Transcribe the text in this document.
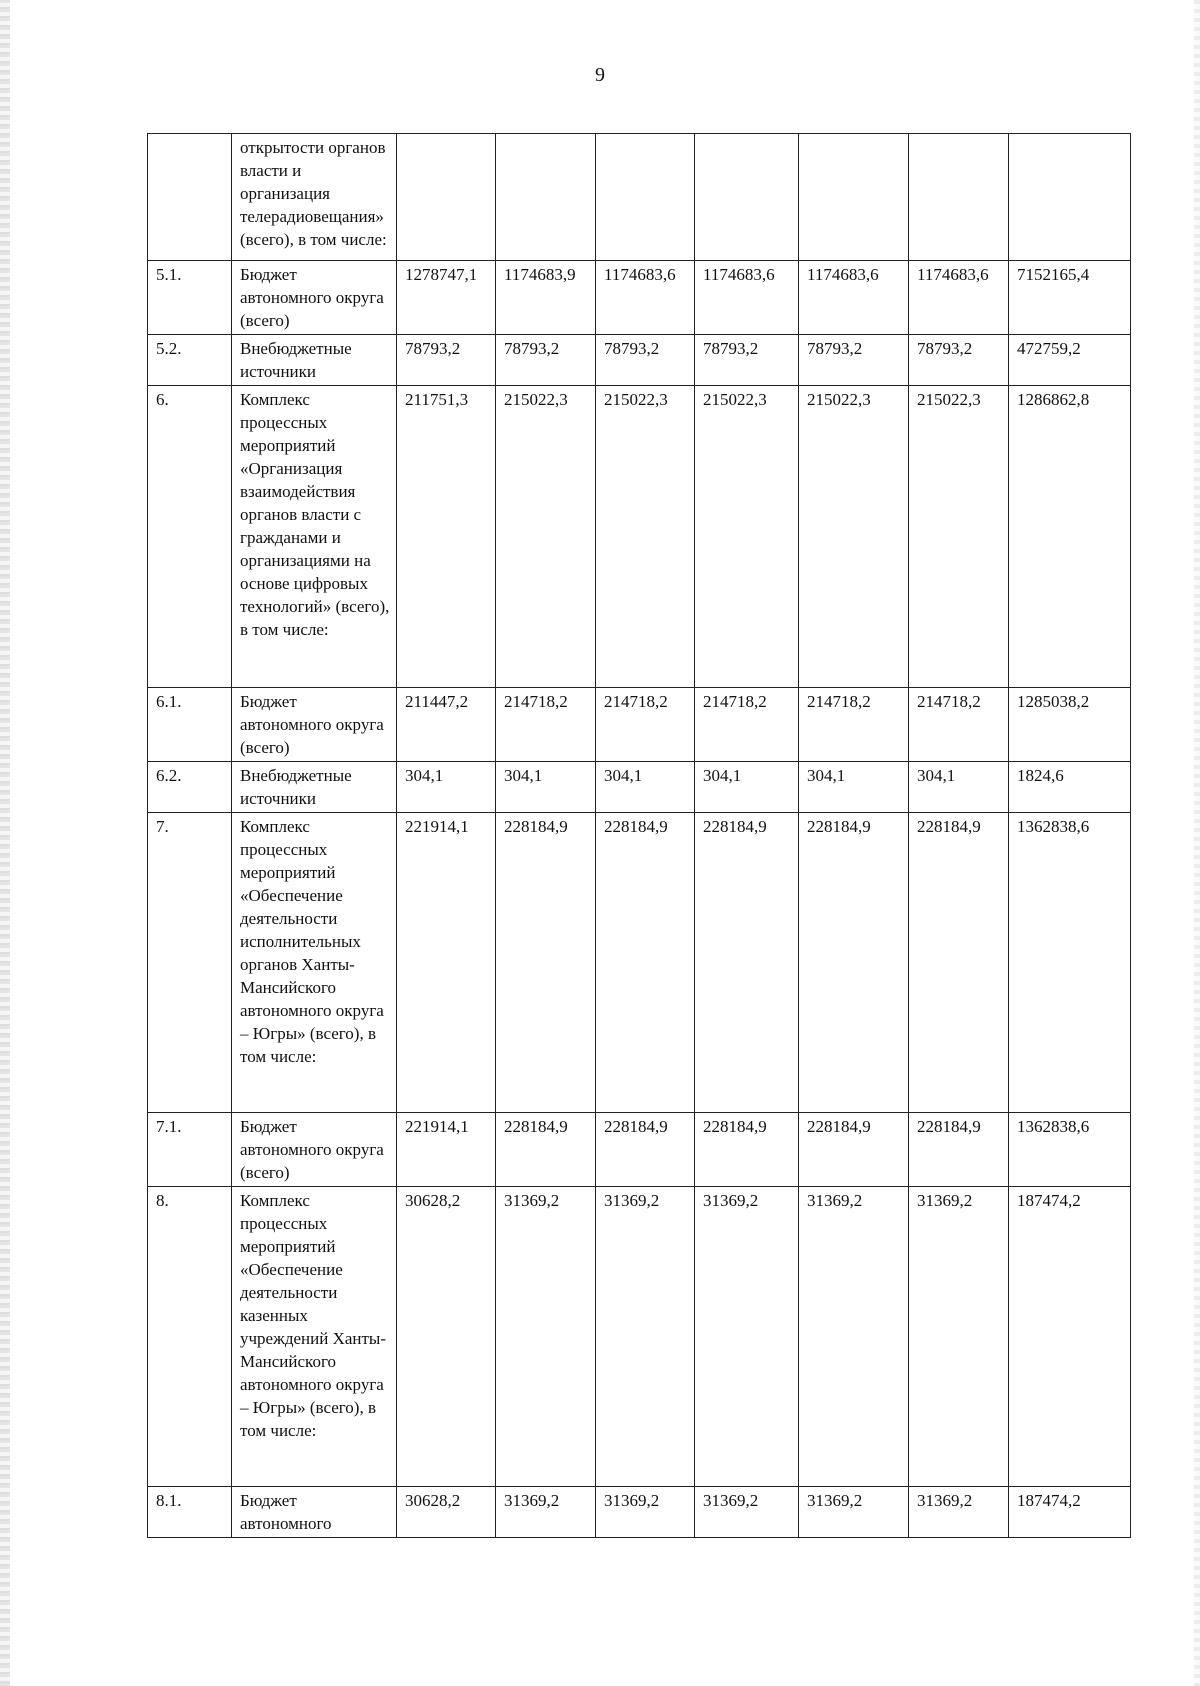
9
	открытости органов власти и организация телерадиовещания» (всего), в том числе:							
5.1.	Бюджет автономного округа (всего)	1278747,1	1174683,9	1174683,6	1174683,6	1174683,6	1174683,6	7152165,4
5.2.	Внебюджетные источники	78793,2	78793,2	78793,2	78793,2	78793,2	78793,2	472759,2
6.	Комплекс процессных мероприятий «Организация взаимодействия органов власти с гражданами и организациями на основе цифровых технологий» (всего), в том числе:	211751,3	215022,3	215022,3	215022,3	215022,3	215022,3	1286862,8
6.1.	Бюджет автономного округа (всего)	211447,2	214718,2	214718,2	214718,2	214718,2	214718,2	1285038,2
6.2.	Внебюджетные источники	304,1	304,1	304,1	304,1	304,1	304,1	1824,6
7.	Комплекс процессных мероприятий «Обеспечение деятельности исполнительных органов Ханты-Мансийского автономного округа – Югры» (всего), в том числе:	221914,1	228184,9	228184,9	228184,9	228184,9	228184,9	1362838,6
7.1.	Бюджет автономного округа (всего)	221914,1	228184,9	228184,9	228184,9	228184,9	228184,9	1362838,6
8.	Комплекс процессных мероприятий «Обеспечение деятельности казенных учреждений Ханты-Мансийского автономного округа – Югры» (всего), в том числе:	30628,2	31369,2	31369,2	31369,2	31369,2	31369,2	187474,2
8.1.	Бюджет автономного	30628,2	31369,2	31369,2	31369,2	31369,2	31369,2	187474,2
